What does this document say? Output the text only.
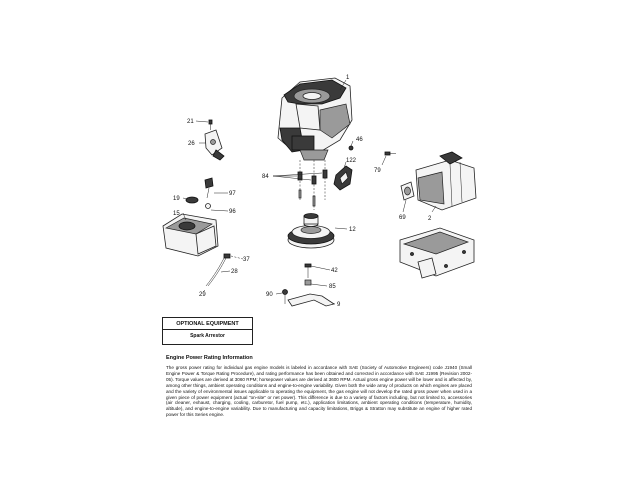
1
21
26
84
46
122
79
69	2
19
15
97
96
12
37
28
29
42
85
90
9
OPTIONAL EQUIPMENT
Spark Arrestor

Engine Power Rating Information

The gross power rating for individual gas engine models is labeled in accordance with SAE (Society of Automotive Engineers) code J1940 (Small Engine Power & Torque Rating Procedure), and rating performance has been obtained and corrected in accordance with SAE J1995 (Revision 2002-05). Torque values are derived at 3060 RPM; horsepower values are derived at 3600 RPM. Actual gross engine power will be lower and is affected by, among other things, ambient operating conditions and engine-to-engine variability. Given both the wide array of products on which engines are placed and the variety of environmental issues applicable to operating the equipment, the gas engine will not develop the rated gross power when used in a given piece of power equipment (actual "on-site" or net power). This difference is due to a variety of factors including, but not limited to, accessories (air cleaner, exhaust, charging, cooling, carburetor, fuel pump, etc.), application limitations, ambient operating conditions (temperature, humidity, altitude), and engine-to-engine variability. Due to manufacturing and capacity limitations, Briggs & Stratton may substitute an engine of higher rated power for this Series engine.
